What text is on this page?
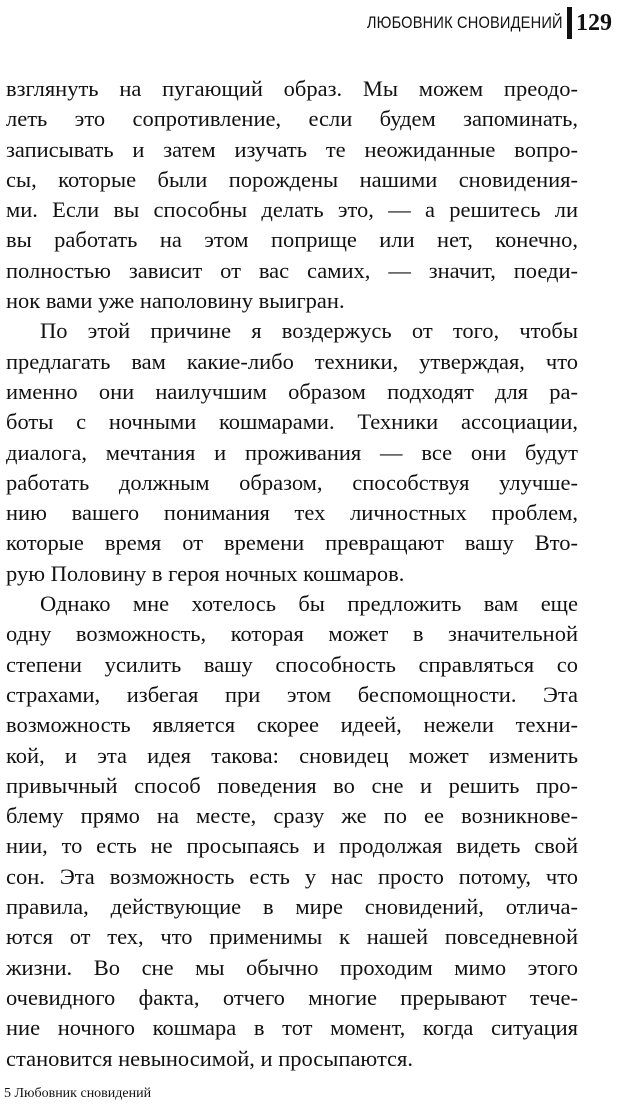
ЛЮБОВНИК СНОВИДЕНИЙ 129

взглянуть на пугающий образ. Мы можем преодо-
леть это сопротивление, если будем запоминать,
записывать и затем изучать те неожиданные вопро-
сы, которые были порождены нашими сновидения-
ми. Если вы способны делать это, — а решитесь ли
вы работать на этом поприще или нет, конечно,
полностью зависит от вас самих, — значит, поеди-
нок вами уже наполовину выигран.

По этой причине я воздержусь от того, чтобы
предлагать вам какие-либо техники, утверждая, что
именно они наилучшим образом подходят для ра-
боты с ночными кошмарами. Техники ассоциации,
диалога, мечтания и проживания — все они будут
работать должным образом, способствуя улучше-
нию вашего понимания тех личностных проблем,
которые время от времени превращают вашу Вто-
рую Половину в героя ночных кошмаров.

Однако мне хотелось бы предложить вам еще
одну возможность, которая может в значительной
степени усилить вашу способность справляться со
страхами, избегая при этом беспомощности. Эта
возможность является скорее идеей, нежели техни-
кой, и эта идея такова: сновидец может изменить
привычный способ поведения во сне и решить про-
блему прямо на месте, сразу же по ее возникнове-
нии, то есть не просыпаясь и продолжая видеть свой
сон. Эта возможность есть у нас просто потому, что
правила, действующие в мире сновидений, отлича-
ются от тех, что применимы к нашей повседневной
жизни. Во сне мы обычно проходим мимо этого
очевидного факта, отчего многие прерывают тече-
ние ночного кошмара в тот момент, когда ситуация
становится невыносимой, и просыпаются.

5 Любовник сновидений
